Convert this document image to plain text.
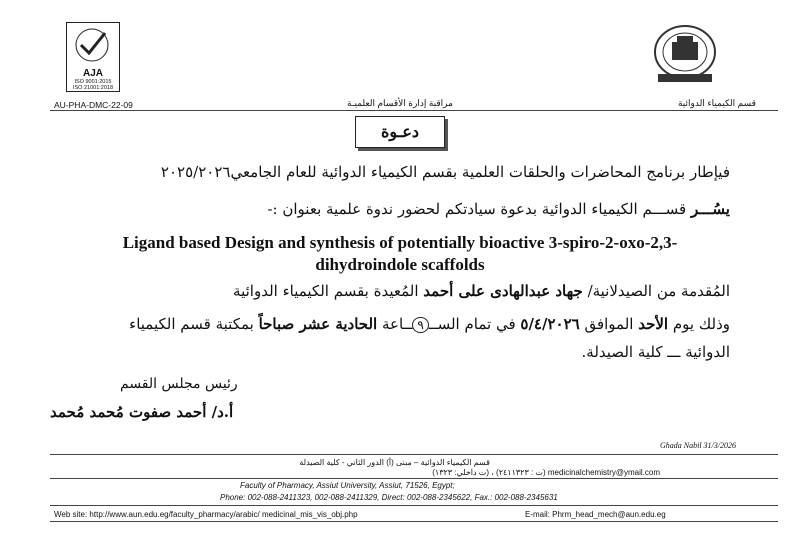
AJA
ISO 9001:2015
ISO 21001:2018
AU-PHA-DMC-22-09	مراقبة إدارة الأقسام العلميـة	قسم الكيمياء الدوائية
دعـوة
فيإطار برنامج المحاضرات والحلقات العلمية بقسم الكيمياء الدوائية للعام الجامعي٢٠٢٥/٢٠٢٦
يسُـــر قســـم الكيمياء الدوائية بدعوة سيادتكم لحضور ندوة علمية بعنوان :-
Ligand based Design and synthesis of potentially bioactive 3-spiro-2-oxo-2,3-
dihydroindole scaffolds
المُقدمة من الصيدلانية/ جهاد عبدالهادى على أحمد المُعيدة بقسم الكيمياء الدوائية
وذلك يوم الأحد الموافق ٥/٤/٢٠٢٦ في تمام الســ٩ــاعة الحادية عشر صباحاً بمكتبة قسم الكيمياء
الدوائية ـــ كلية الصيدلة.
رئيس مجلس القسم
أ.د/ أحمد صفوت مُحمد مُحمد
Ghada Nabil 31/3/2026
قسم الكيمياء الدوائية – مبنى (أ) الدور الثاني - كلية الصيدلة
(ت داخلي: ١٣٢٣) ، (ت : ٢٤١١٣٢٣) medicinalchemistry@ymail.com
Faculty of Pharmacy, Assiut University, Assiut, 71526, Egypt;
Phone: 002-088-2411323, 002-088-2411329, Direct: 002-088-2345622, Fax.: 002-088-2345631
Web site: http://www.aun.edu.eg/faculty_pharmacy/arabic/ medicinal_mis_vis_obj.php	E-mail: Phrm_head_mech@aun.edu.eg
